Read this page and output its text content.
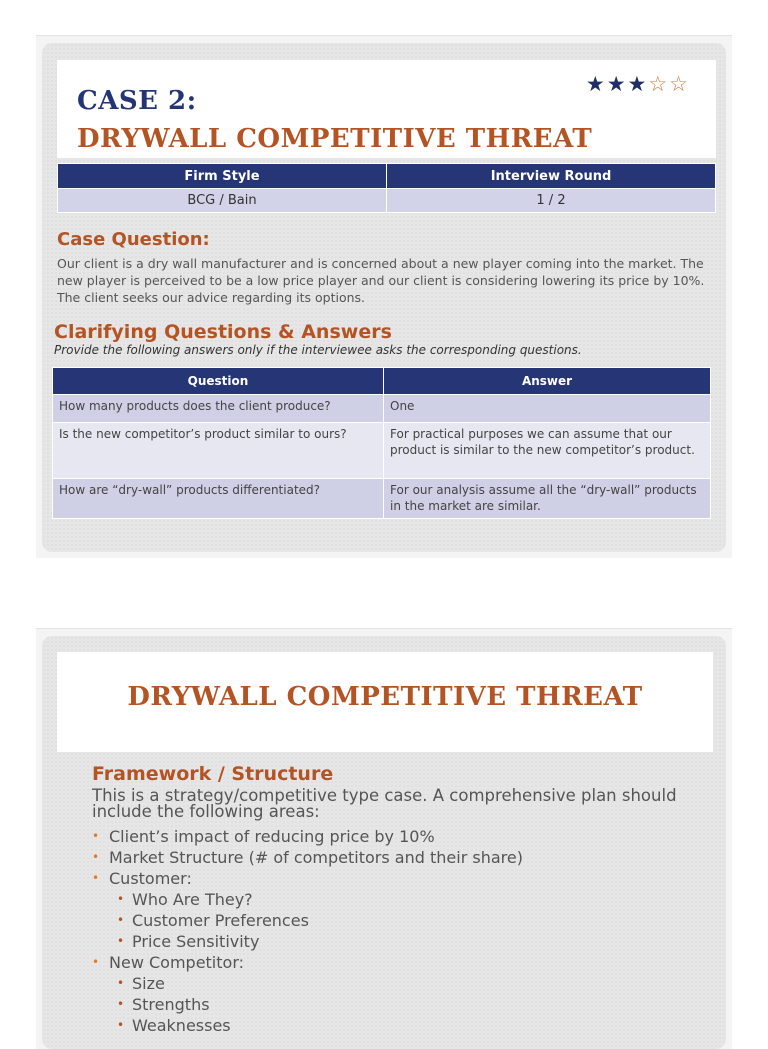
CASE 2:
DRYWALL COMPETITIVE THREAT
★★★☆☆
Firm Style	Interview Round
BCG / Bain	1 / 2
Case Question:
Our client is a dry wall manufacturer and is concerned about a new player coming into the market. The new player is perceived to be a low price player and our client is considering lowering its price by 10%. The client seeks our advice regarding its options.
Clarifying Questions & Answers
Provide the following answers only if the interviewee asks the corresponding questions.
Question	Answer
How many products does the client produce?	One
Is the new competitor’s product similar to ours?	For practical purposes we can assume that our product is similar to the new competitor’s product.
How are “dry-wall” products differentiated?	For our analysis assume all the “dry-wall” products in the market are similar.
DRYWALL COMPETITIVE THREAT
Framework / Structure
This is a strategy/competitive type case. A comprehensive plan should include the following areas:
• Client’s impact of reducing price by 10%
• Market Structure (# of competitors and their share)
• Customer:
• Who Are They?
• Customer Preferences
• Price Sensitivity
• New Competitor:
• Size
• Strengths
• Weaknesses
